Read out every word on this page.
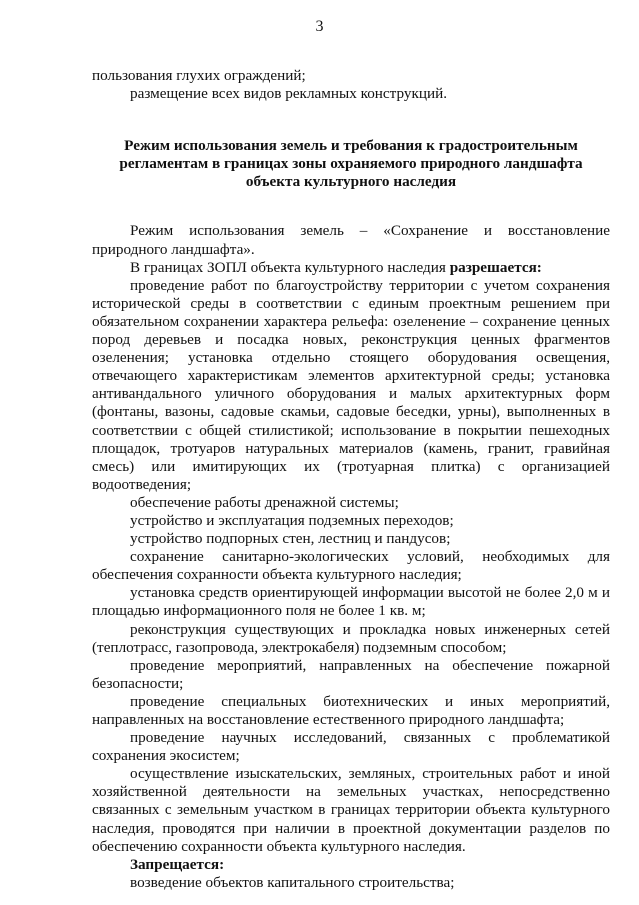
3

пользования глухих ограждений;

размещение всех видов рекламных конструкций.

Режим использования земель и требования к градостроительным регламентам в границах зоны охраняемого природного ландшафта объекта культурного наследия

Режим использования земель – «Сохранение и восстановление природного ландшафта».

В границах ЗОПЛ объекта культурного наследия разрешается:

проведение работ по благоустройству территории с учетом сохранения исторической среды в соответствии с единым проектным решением при обязательном сохранении характера рельефа: озеленение – сохранение ценных пород деревьев и посадка новых, реконструкция ценных фрагментов озеленения; установка отдельно стоящего оборудования освещения, отвечающего характеристикам элементов архитектурной среды; установка антивандального уличного оборудования и малых архитектурных форм (фонтаны, вазоны, садовые скамьи, садовые беседки, урны), выполненных в соответствии с общей стилистикой; использование в покрытии пешеходных площадок, тротуаров натуральных материалов (камень, гранит, гравийная смесь) или имитирующих их (тротуарная плитка) с организацией водоотведения;

обеспечение работы дренажной системы;

устройство и эксплуатация подземных переходов;

устройство подпорных стен, лестниц и пандусов;

сохранение санитарно-экологических условий, необходимых для обеспечения сохранности объекта культурного наследия;

установка средств ориентирующей информации высотой не более 2,0 м и площадью информационного поля не более 1 кв. м;

реконструкция существующих и прокладка новых инженерных сетей (теплотрасс, газопровода, электрокабеля) подземным способом;

проведение мероприятий, направленных на обеспечение пожарной безопасности;

проведение специальных биотехнических и иных мероприятий, направленных на восстановление естественного природного ландшафта;

проведение научных исследований, связанных с проблематикой сохранения экосистем;

осуществление изыскательских, земляных, строительных работ и иной хозяйственной деятельности на земельных участках, непосредственно связанных с земельным участком в границах территории объекта культурного наследия, проводятся при наличии в проектной документации разделов по обеспечению сохранности объекта культурного наследия.

Запрещается:

возведение объектов капитального строительства;
